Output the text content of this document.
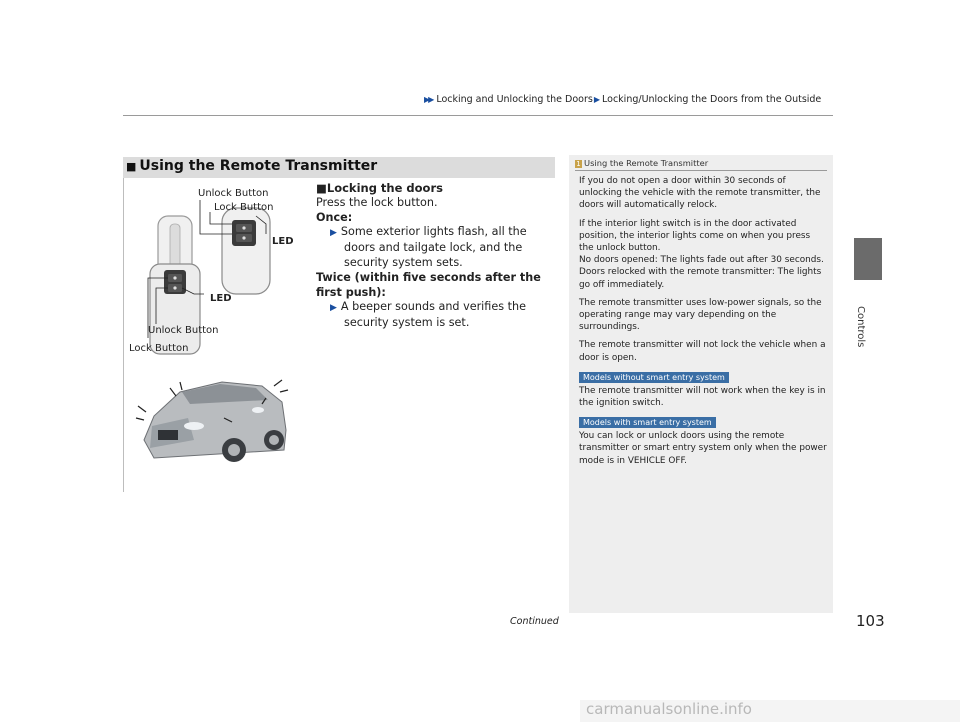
▶▶ Locking and Unlocking the Doors▶ Locking/Unlocking the Doors from the Outside
Controls
■ Using the Remote Transmitter
Unlock Button
Lock Button
LED
LED
Unlock Button
Lock Button
■Locking the doors
Press the lock button.
Once:
▶ Some exterior lights flash, all the doors and tailgate lock, and the security system sets.
Twice (within five seconds after the first push):
▶ A beeper sounds and verifies the security system is set.
1 Using the Remote Transmitter

If you do not open a door within 30 seconds of unlocking the vehicle with the remote transmitter, the doors will automatically relock.

If the interior light switch is in the door activated position, the interior lights come on when you press the unlock button.

No doors opened: The lights fade out after 30 seconds.

Doors relocked with the remote transmitter: The lights go off immediately.

The remote transmitter uses low-power signals, so the operating range may vary depending on the surroundings.

The remote transmitter will not lock the vehicle when a door is open.

Models without smart entry system

The remote transmitter will not work when the key is in the ignition switch.

Models with smart entry system

You can lock or unlock doors using the remote transmitter or smart entry system only when the power mode is in VEHICLE OFF.

Continued	103
carmanualsonline.info
